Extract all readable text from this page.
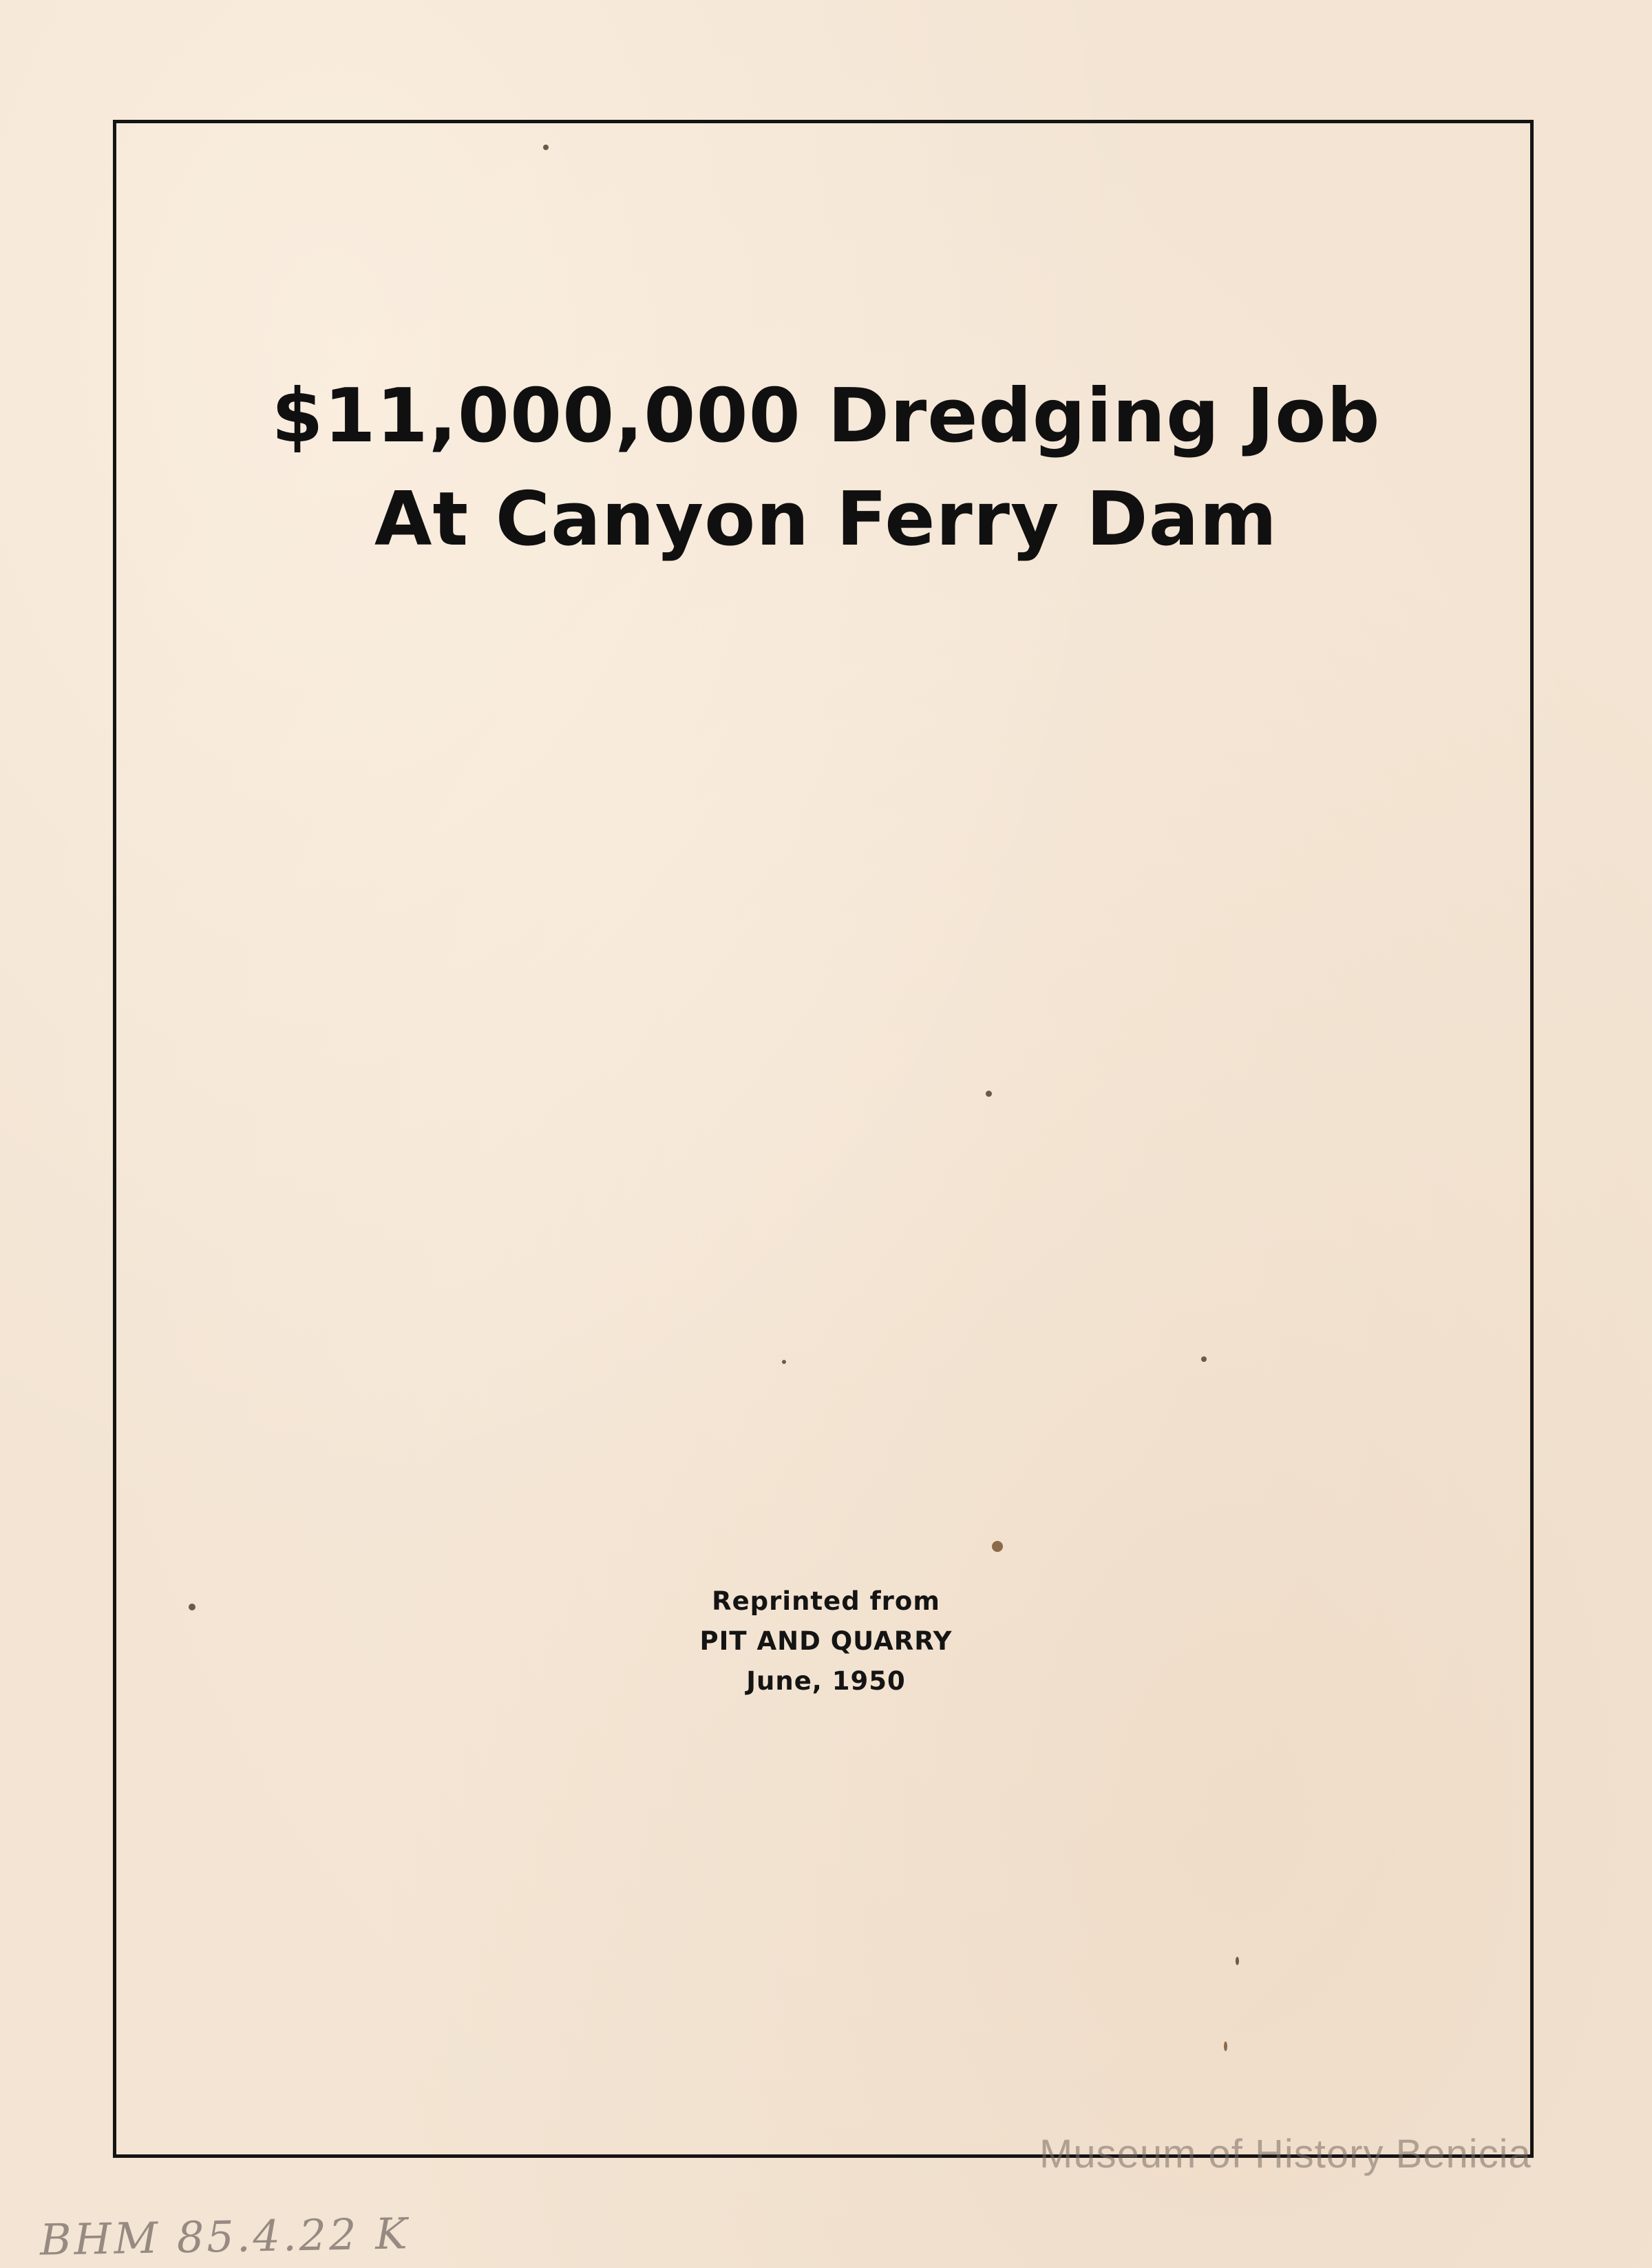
$11,000,000 Dredging Job
At Canyon Ferry Dam
Reprinted from
PIT AND QUARRY
June, 1950
Museum of History Benicia
BHM 85.4.22 K
